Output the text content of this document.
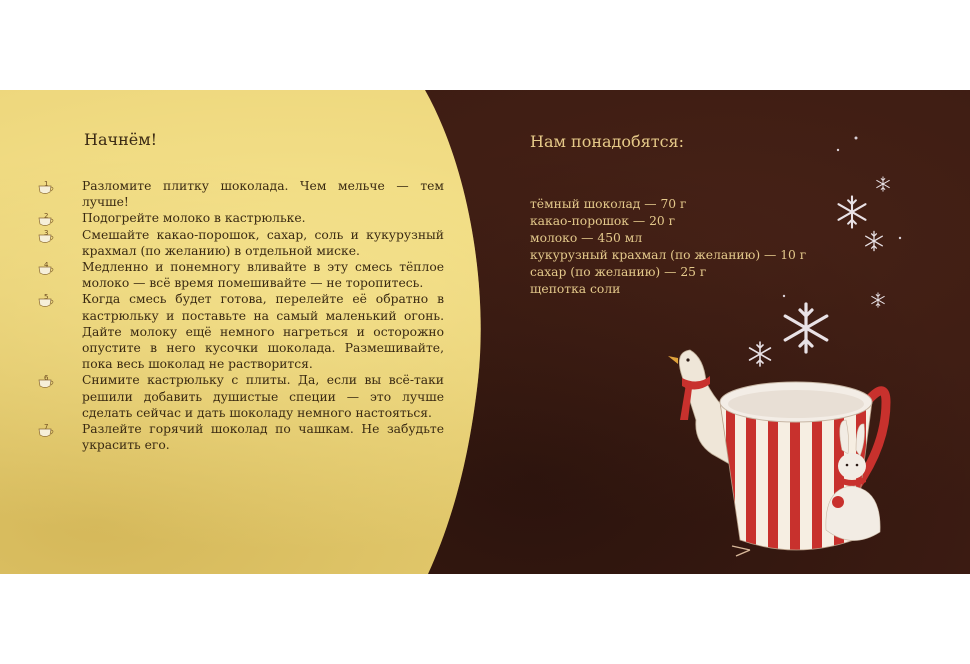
Начнём!
1	Разломите плитку шоколада. Чем мельче — тем лучше!
2	Подогрейте молоко в кастрюльке.
3	Смешайте какао-порошок, сахар, соль и кукурузный крахмал (по желанию) в отдельной миске.
4	Медленно и понемногу вливайте в эту смесь тёплое молоко — всё время помешивайте — не торопитесь.
5	Когда смесь будет готова, перелейте её обратно в кастрюльку и поставьте на самый маленький огонь. Дайте молоку ещё немного нагреться и осторожно опустите в него кусочки шоколада. Размешивайте, пока весь шоколад не растворится.
6	Снимите кастрюльку с плиты. Да, если вы всё-таки решили добавить душистые специи — это лучше сделать сейчас и дать шоколаду немного настояться.
7	Разлейте горячий шоколад по чашкам. Не забудьте украсить его.
Нам понадобятся:
тёмный шоколад — 70 г
какао-порошок — 20 г
молоко — 450 мл
кукурузный крахмал (по желанию) — 10 г
сахар (по желанию) — 25 г
щепотка соли
